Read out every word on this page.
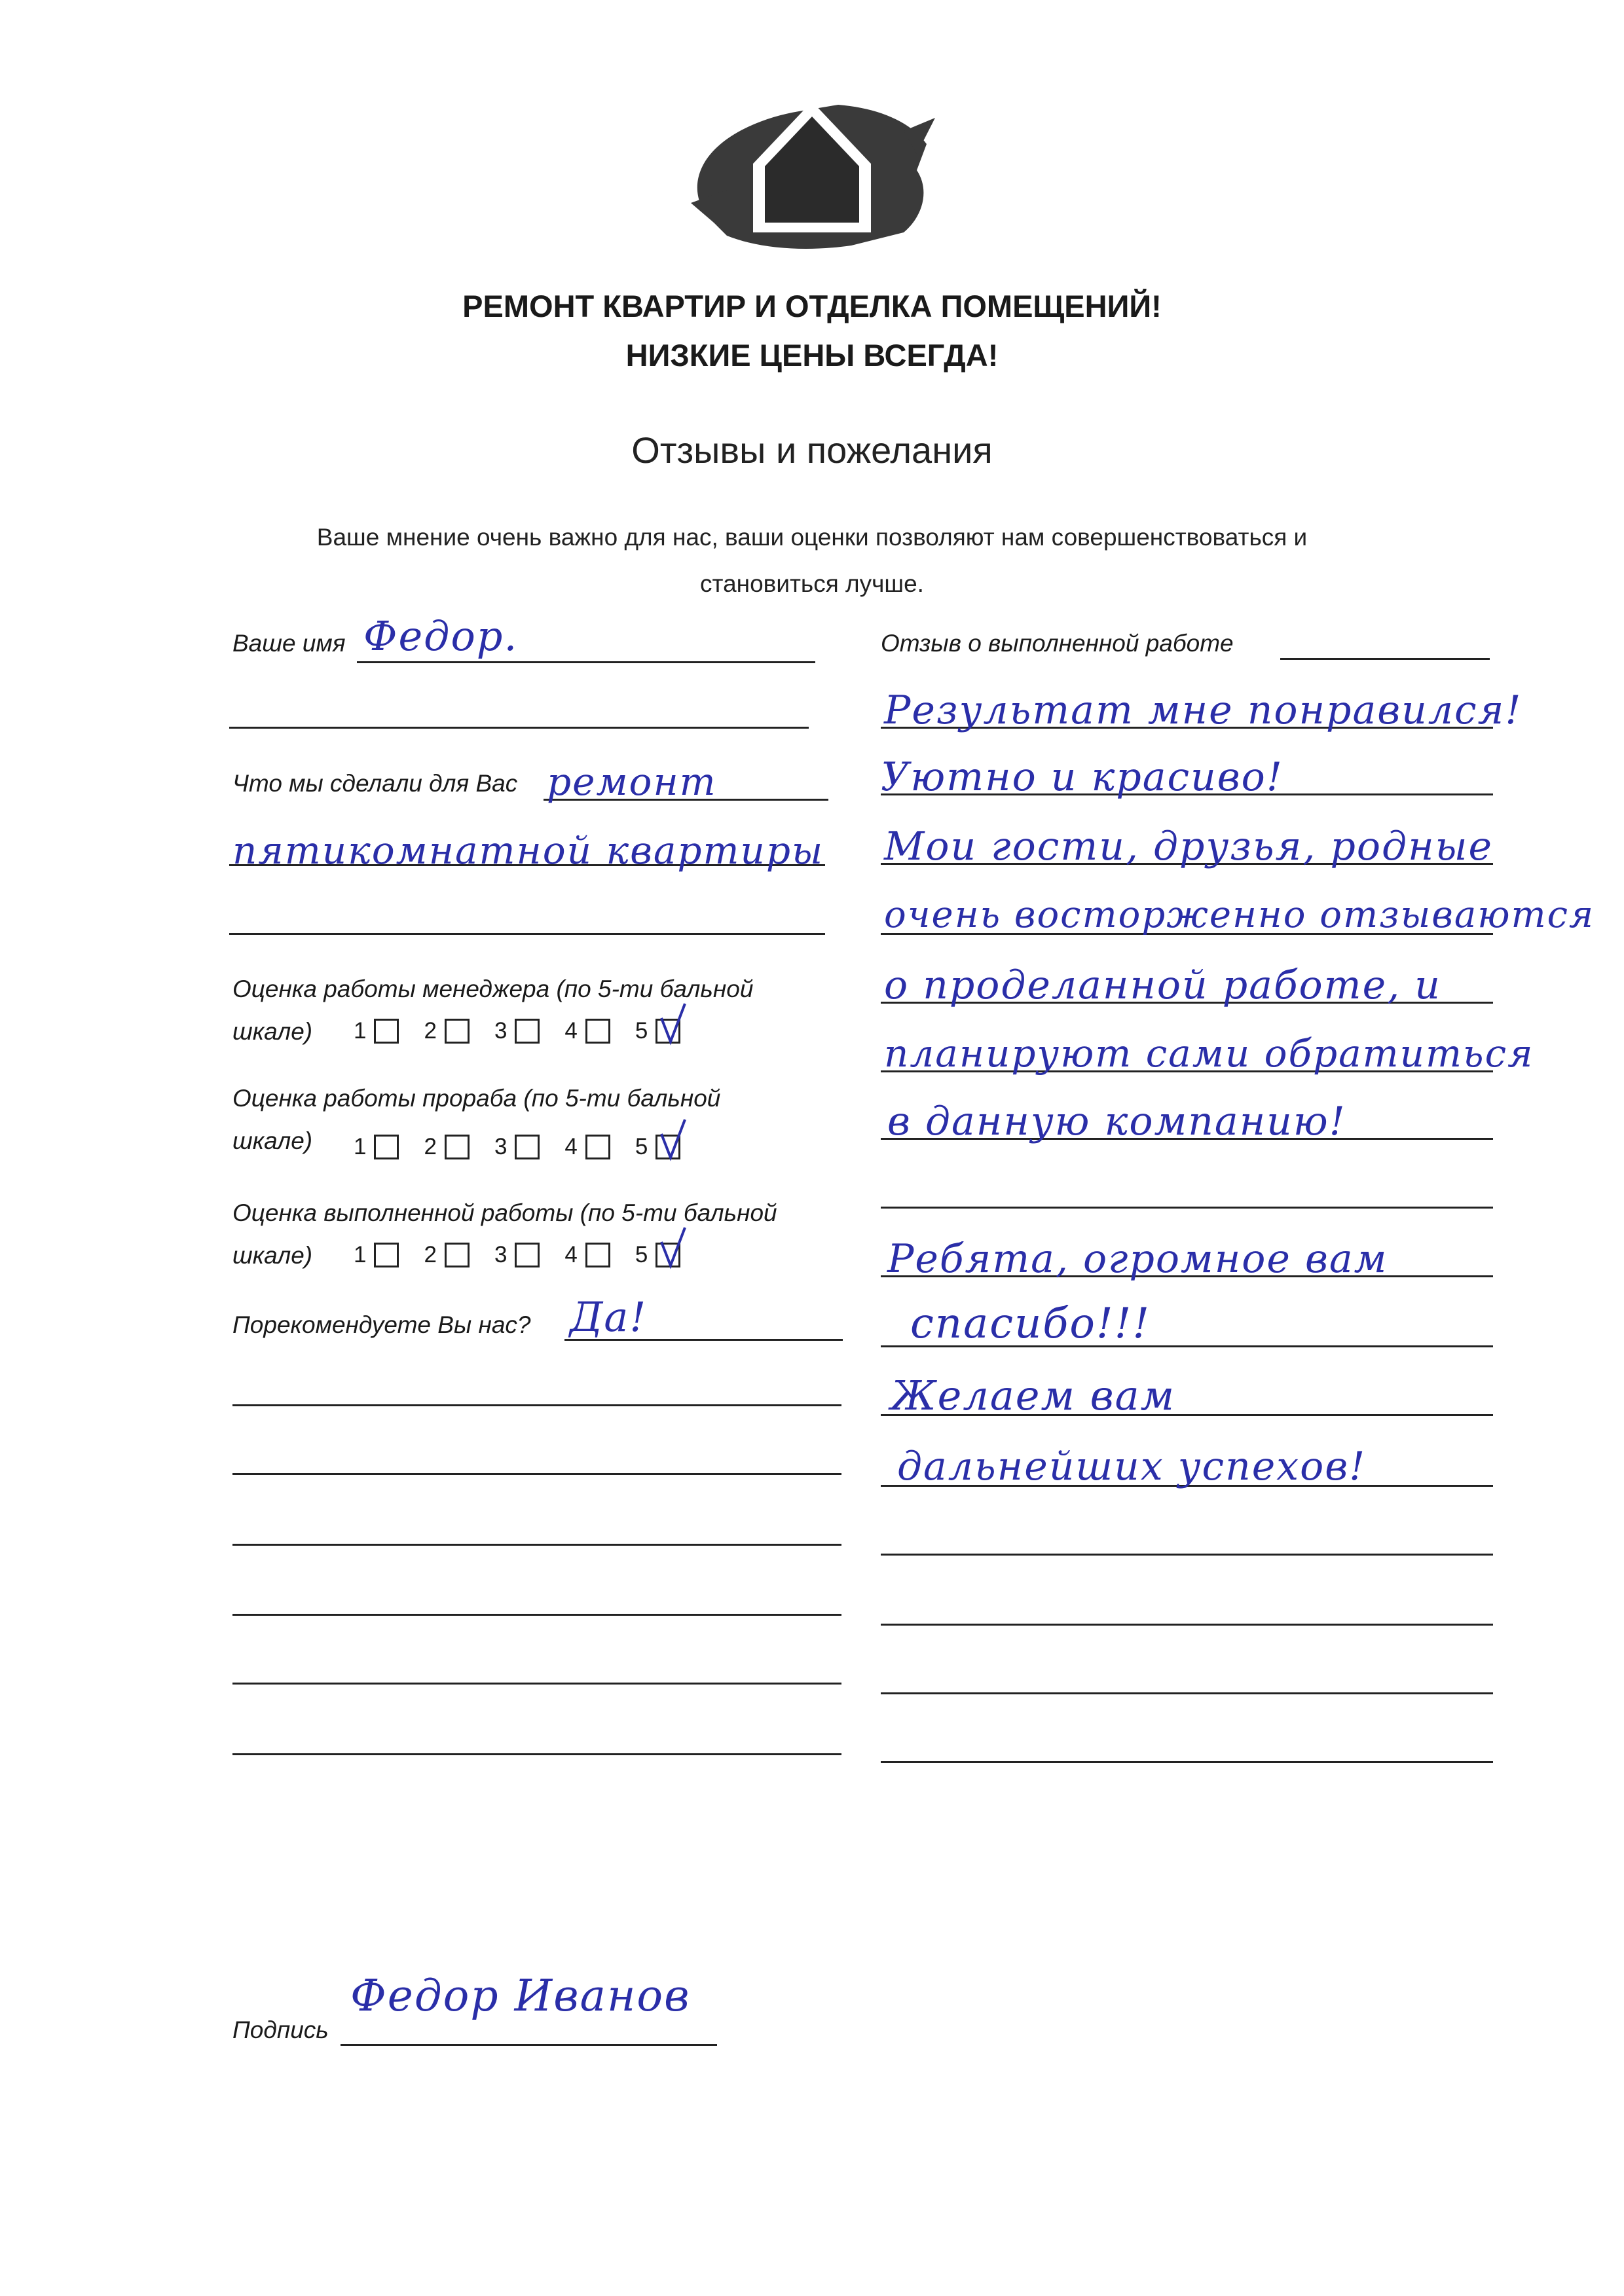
РЕМОНТ КВАРТИР И ОТДЕЛКА ПОМЕЩЕНИЙ!
НИЗКИЕ ЦЕНЫ ВСЕГДА!
Отзывы и пожелания
Ваше мнение очень важно для нас, ваши оценки позволяют нам совершенствоваться и
становиться лучше.
Ваше имя Федор.
Что мы сделали для Вас ремонт
пятикомнатной квартиры
Оценка работы менеджера (по 5-ти бальной
шкале) 1	2	3	4	5
Оценка работы прораба (по 5-ти бальной
шкале) 1	2	3	4	5
Оценка выполненной работы (по 5-ти бальной
шкале) 1	2	3	4	5
Порекомендуете Вы нас? Да!
Отзыв о выполненной работе
Результат мне понравился!
Уютно и красиво!
Мои гости, друзья, родные
очень восторженно отзываются
о проделанной работе, и
планируют сами обратиться
в данную компанию!
Ребята, огромное вам
спасибо!!!
Желаем вам
дальнейших успехов!
Подпись
Федор Иванов
